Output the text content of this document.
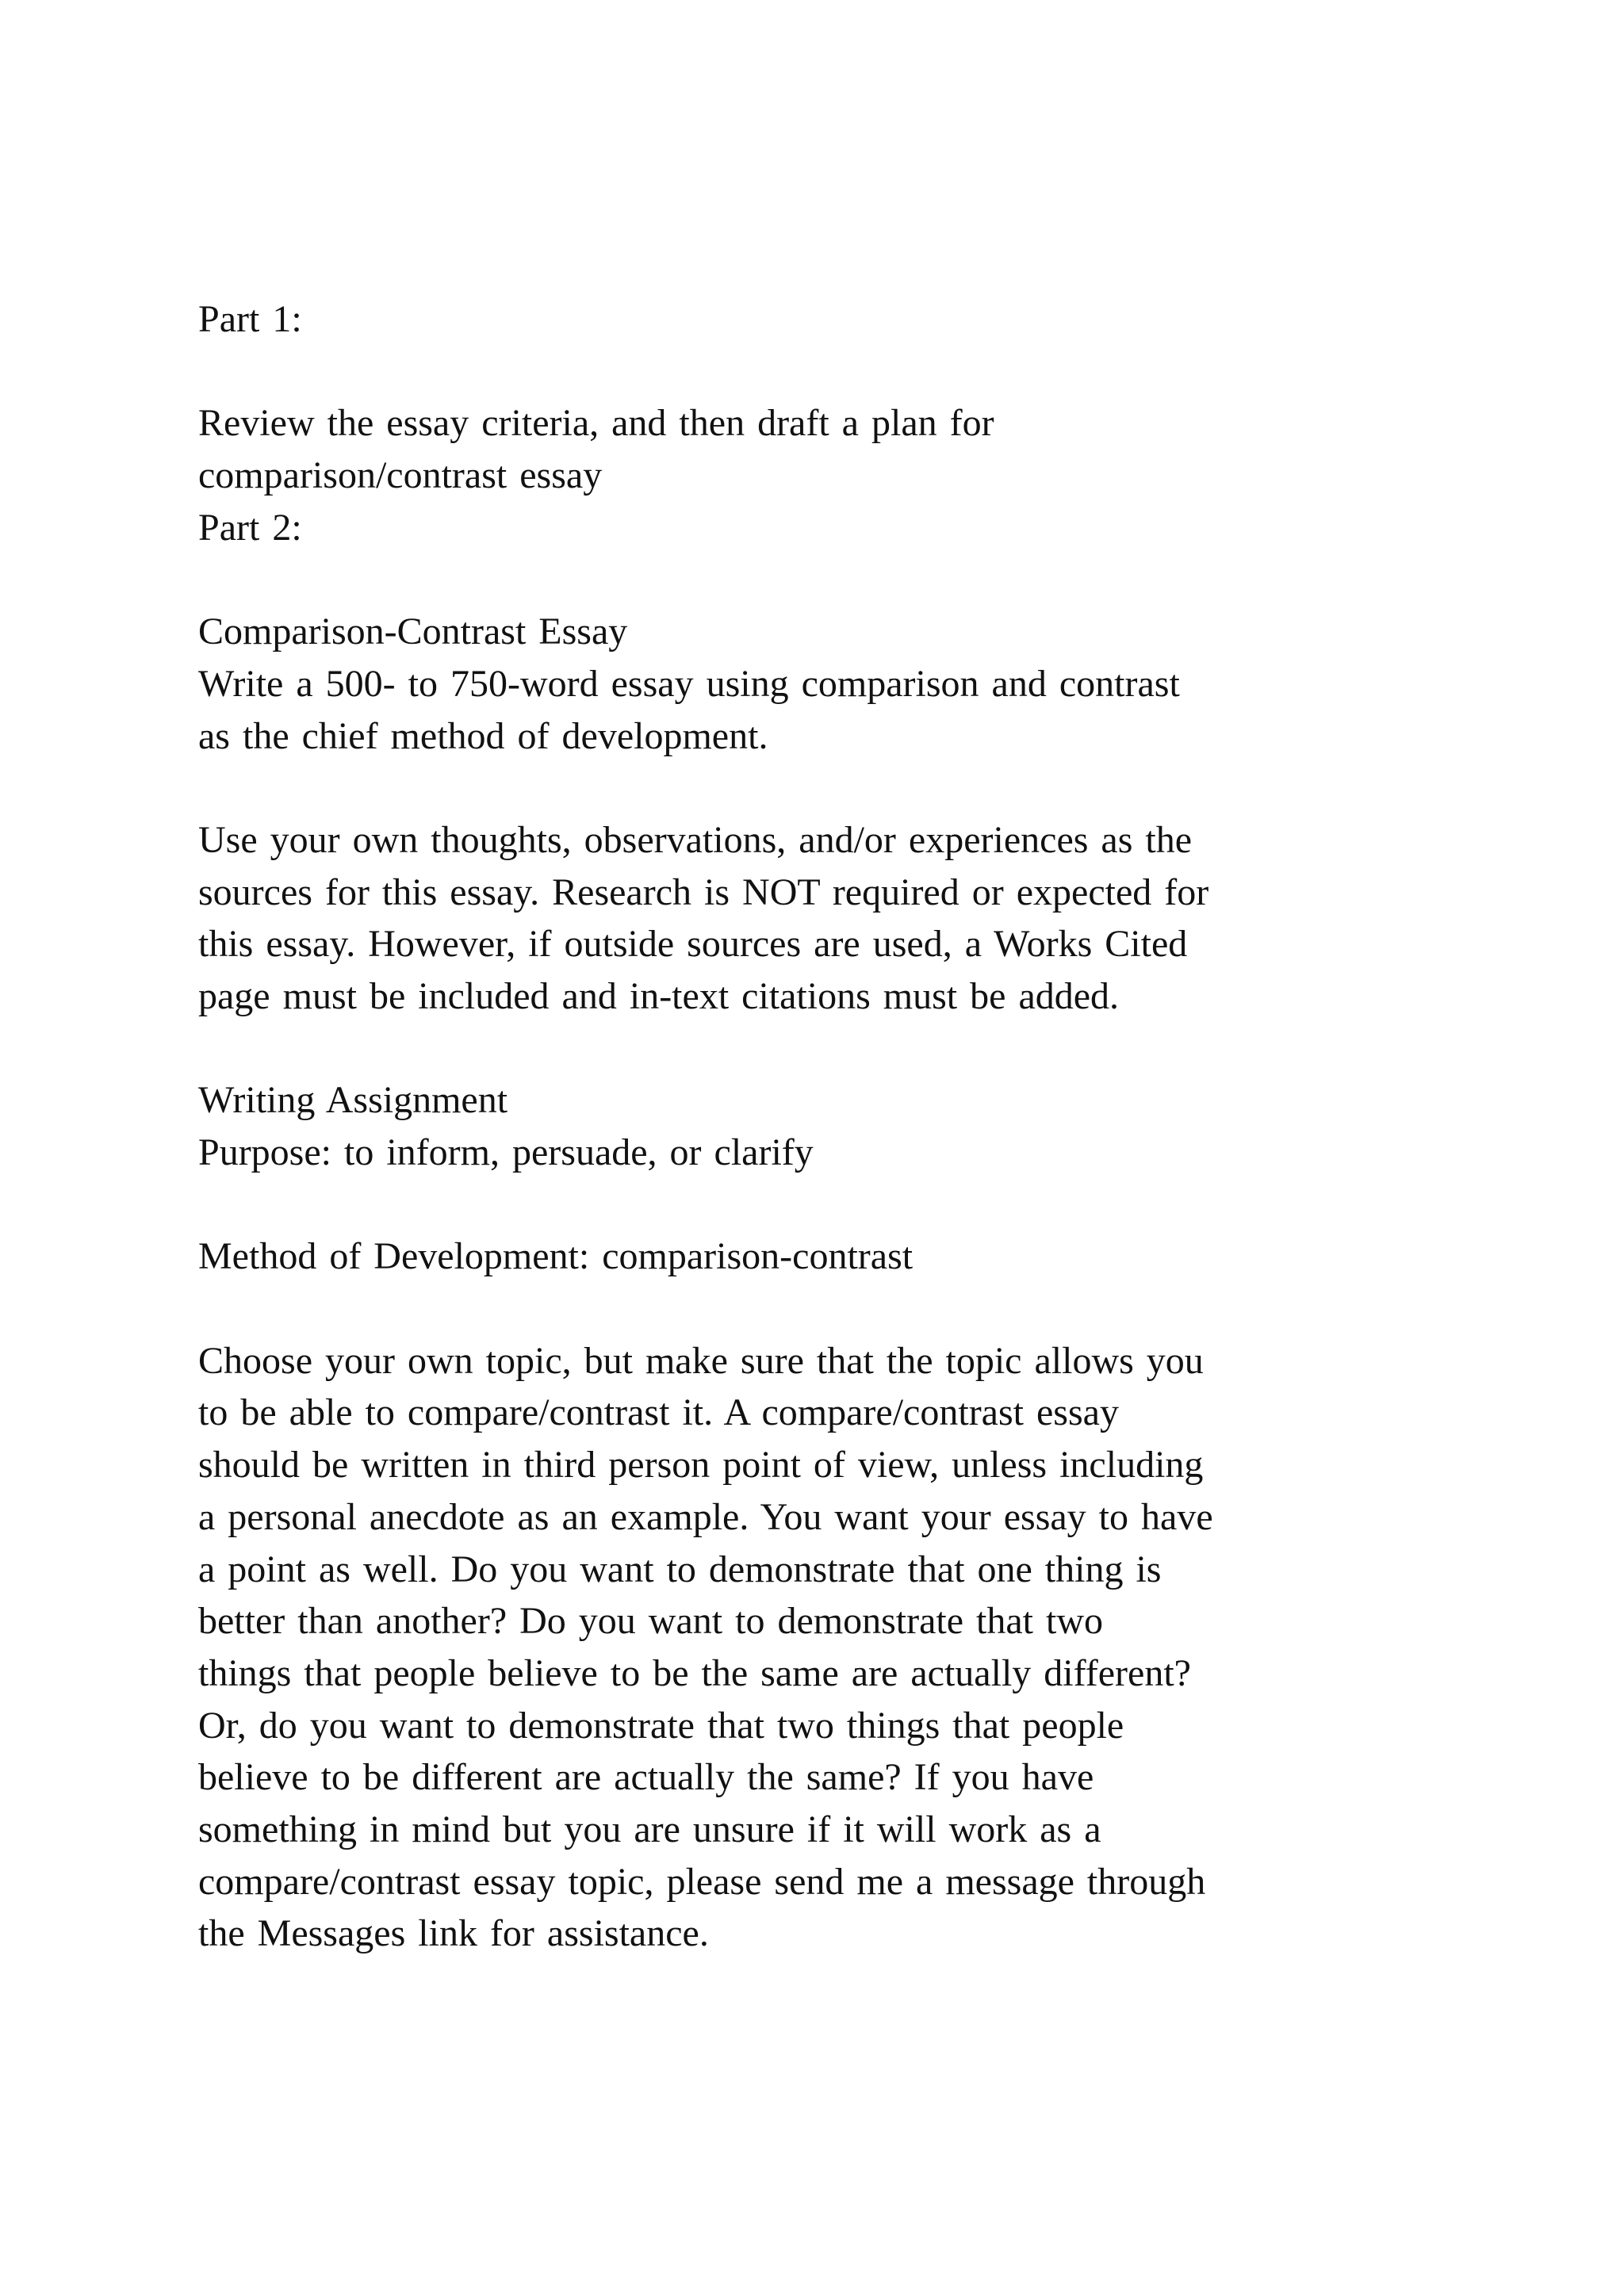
Part 1:
Review the essay criteria, and then draft a plan for
comparison/contrast essay
Part 2:
Comparison-Contrast Essay
Write a 500- to 750-word essay using comparison and contrast
as the chief method of development.
Use your own thoughts, observations, and/or experiences as the
sources for this essay. Research is NOT required or expected for
this essay. However, if outside sources are used, a Works Cited
page must be included and in-text citations must be added.
Writing Assignment
Purpose: to inform, persuade, or clarify
Method of Development: comparison-contrast
Choose your own topic, but make sure that the topic allows you
to be able to compare/contrast it. A compare/contrast essay
should be written in third person point of view, unless including
a personal anecdote as an example. You want your essay to have
a point as well. Do you want to demonstrate that one thing is
better than another? Do you want to demonstrate that two
things that people believe to be the same are actually different?
Or, do you want to demonstrate that two things that people
believe to be different are actually the same? If you have
something in mind but you are unsure if it will work as a
compare/contrast essay topic, please send me a message through
the Messages link for assistance.
